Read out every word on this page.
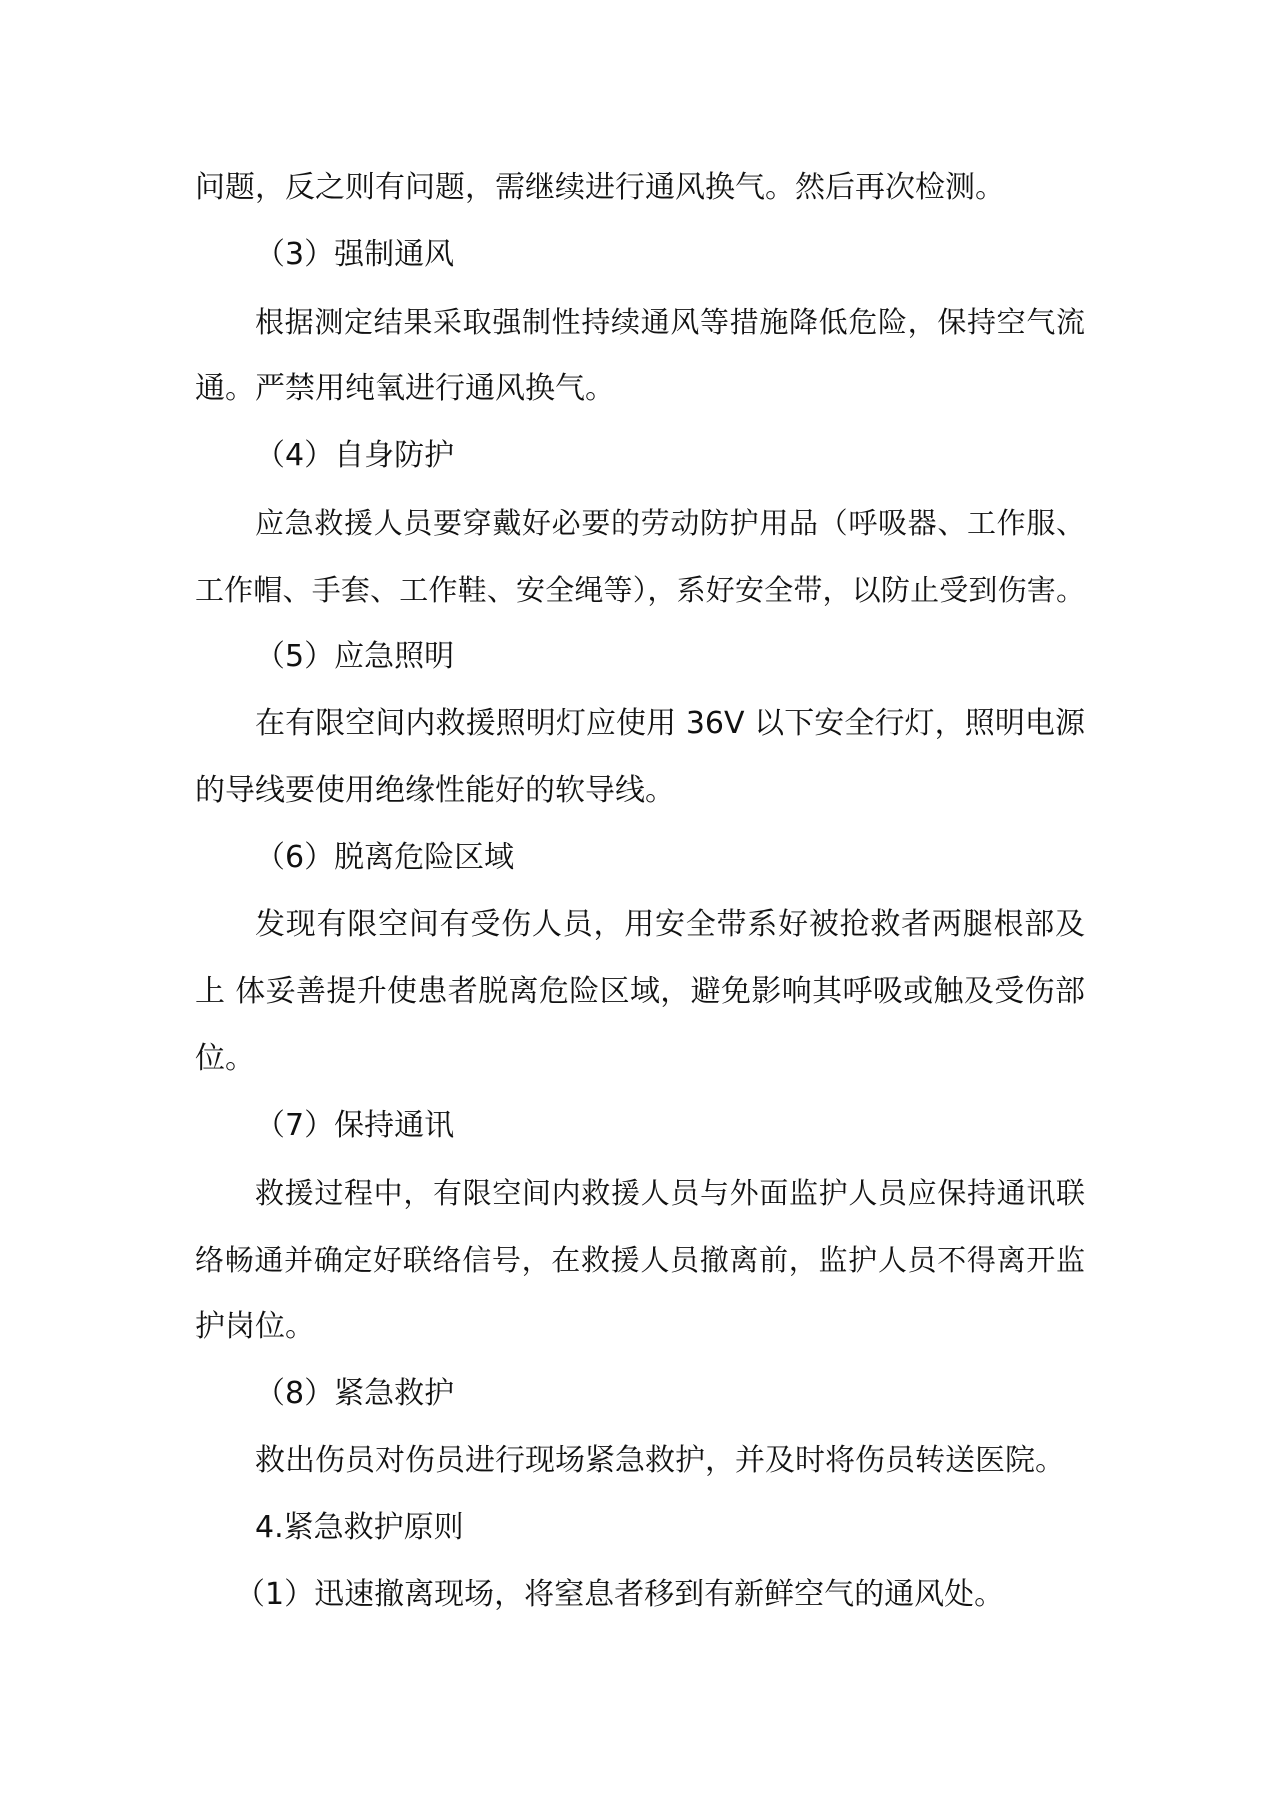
问题，反之则有问题，需继续进行通风换气。然后再次检测。

（3）强制通风

根据测定结果采取强制性持续通风等措施降低危险，保持空气流

通。严禁用纯氧进行通风换气。

（4）自身防护

应急救援人员要穿戴好必要的劳动防护用品（呼吸器、工作服、

工作帽、手套、工作鞋、安全绳等），系好安全带，以防止受到伤害。

（5）应急照明

在有限空间内救援照明灯应使用 36V 以下安全行灯，照明电源

的导线要使用绝缘性能好的软导线。

（6）脱离危险区域

发现有限空间有受伤人员，用安全带系好被抢救者两腿根部及

上 体妥善提升使患者脱离危险区域，避免影响其呼吸或触及受伤部

位。

（7）保持通讯

救援过程中，有限空间内救援人员与外面监护人员应保持通讯联

络畅通并确定好联络信号，在救援人员撤离前，监护人员不得离开监

护岗位。

（8）紧急救护

救出伤员对伤员进行现场紧急救护，并及时将伤员转送医院。

4.紧急救护原则

（1）迅速撤离现场，将窒息者移到有新鲜空气的通风处。
